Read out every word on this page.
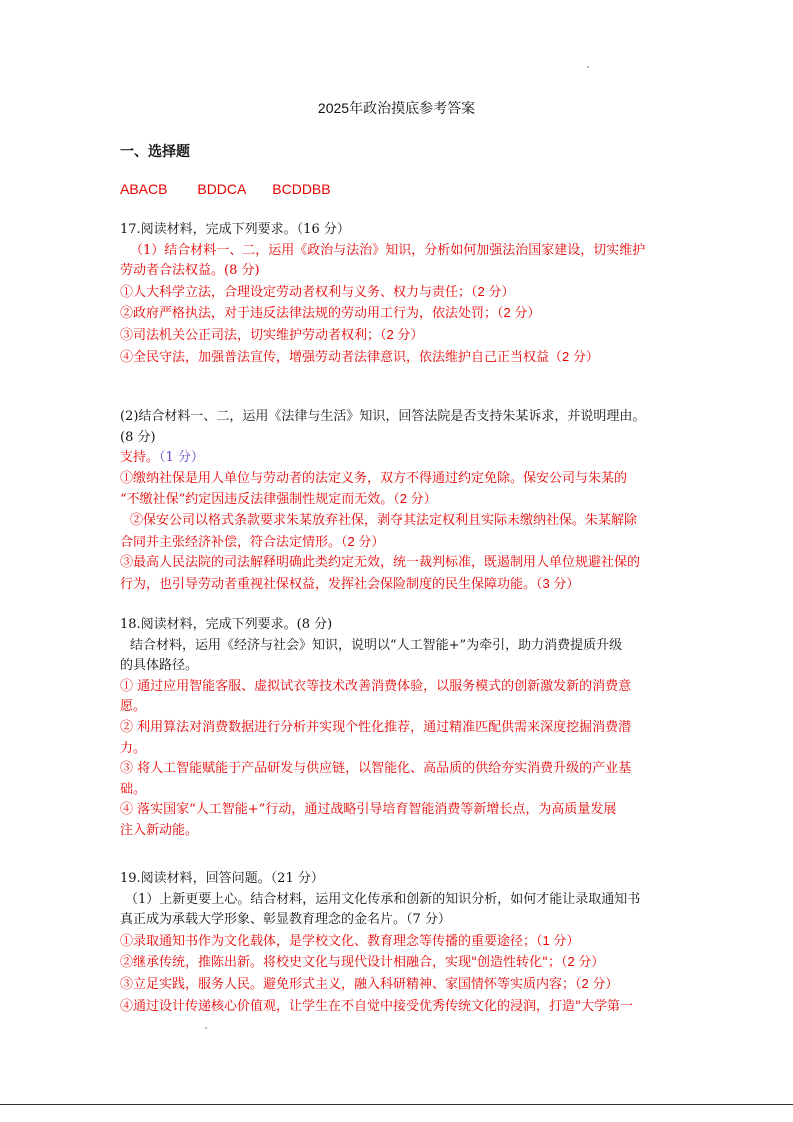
2025年政治摸底参考答案
一、选择题
ABACB BDDCA BCDDBB

17.阅读材料，完成下列要求。（16 分）

（1）结合材料一、二，运用《政治与法治》知识，分析如何加强法治国家建设，切实维护

劳动者合法权益。(8 分)

①人大科学立法，合理设定劳动者权利与义务、权力与责任；（2 分）

②政府严格执法，对于违反法律法规的劳动用工行为，依法处罚；（2 分）

③司法机关公正司法，切实维护劳动者权利；（2 分）

④全民守法，加强普法宣传，增强劳动者法律意识，依法维护自己正当权益（2 分）

(2)结合材料一、二，运用《法律与生活》知识，回答法院是否支持朱某诉求，并说明理由。

(8 分)

支持。（1 分）

①缴纳社保是用人单位与劳动者的法定义务，双方不得通过约定免除。保安公司与朱某的

“不缴社保”约定因违反法律强制性规定而无效。（2 分）

②保安公司以格式条款要求朱某放弃社保，剥夺其法定权利且实际未缴纳社保。朱某解除

合同并主张经济补偿，符合法定情形。（2 分）

③最高人民法院的司法解释明确此类约定无效，统一裁判标准，既遏制用人单位规避社保的

行为，也引导劳动者重视社保权益，发挥社会保险制度的民生保障功能。（3 分）

18.阅读材料，完成下列要求。(8 分)

结合材料，运用《经济与社会》知识，说明以“人工智能+”为牵引，助力消费提质升级

的具体路径。

① 通过应用智能客服、虚拟试衣等技术改善消费体验，以服务模式的创新激发新的消费意

愿。

② 利用算法对消费数据进行分析并实现个性化推荐，通过精准匹配供需来深度挖掘消费潜

力。

③ 将人工智能赋能于产品研发与供应链，以智能化、高品质的供给夯实消费升级的产业基

础。

④ 落实国家“人工智能+”行动，通过战略引导培育智能消费等新增长点，为高质量发展

注入新动能。

19.阅读材料，回答问题。（21 分）

（1）上新更要上心。结合材料，运用文化传承和创新的知识分析，如何才能让录取通知书

真正成为承载大学形象、彰显教育理念的金名片。（7 分）

①录取通知书作为文化载体，是学校文化、教育理念等传播的重要途径；（1 分）

②继承传统，推陈出新。将校史文化与现代设计相融合，实现"创造性转化"；（2 分）

③立足实践，服务人民。避免形式主义，融入科研精神、家国情怀等实质内容；（2 分）

④通过设计传递核心价值观，让学生在不自觉中接受优秀传统文化的浸润，打造"大学第一
